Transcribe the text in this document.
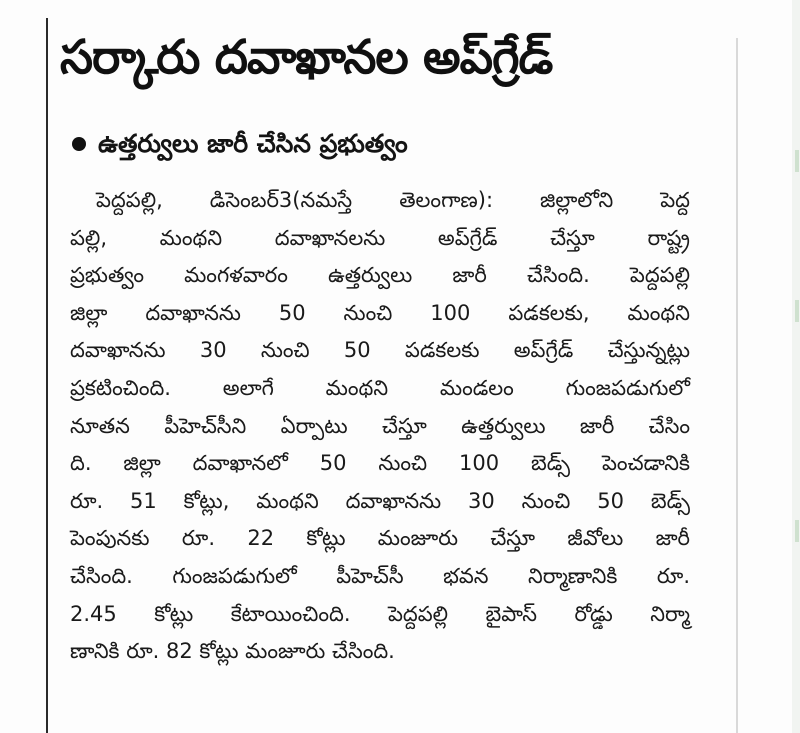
సర్కారు దవాఖానల అప్‌గ్రేడ్
ఉత్తర్వులు జారీ చేసిన ప్రభుత్వం
పెద్దపల్లి, డిసెంబర్3(నమస్తే తెలంగాణ): జిల్లాలోని పెద్ద
పల్లి, మంథని దవాఖానలను అప్‌గ్రేడ్ చేస్తూ రాష్ట్ర
ప్రభుత్వం మంగళవారం ఉత్తర్వులు జారీ చేసింది. పెద్దపల్లి
జిల్లా దవాఖానను 50 నుంచి 100 పడకలకు, మంథని
దవాఖానను 30 నుంచి 50 పడకలకు అప్‌గ్రేడ్ చేస్తున్నట్లు
ప్రకటించింది. అలాగే మంథని మండలం గుంజపడుగులో
నూతన పీహెచ్‌సీని ఏర్పాటు చేస్తూ ఉత్తర్వులు జారీ చేసిం
ది. జిల్లా దవాఖానలో 50 నుంచి 100 బెడ్స్ పెంచడానికి
రూ. 51 కోట్లు, మంథని దవాఖానను 30 నుంచి 50 బెడ్స్
పెంపునకు రూ. 22 కోట్లు మంజూరు చేస్తూ జీవోలు జారీ
చేసింది. గుంజపడుగులో పీహెచ్‌సీ భవన నిర్మాణానికి రూ.
2.45 కోట్లు కేటాయించింది. పెద్దపల్లి బైపాస్ రోడ్డు నిర్మా
ణానికి రూ. 82 కోట్లు మంజూరు చేసింది.
